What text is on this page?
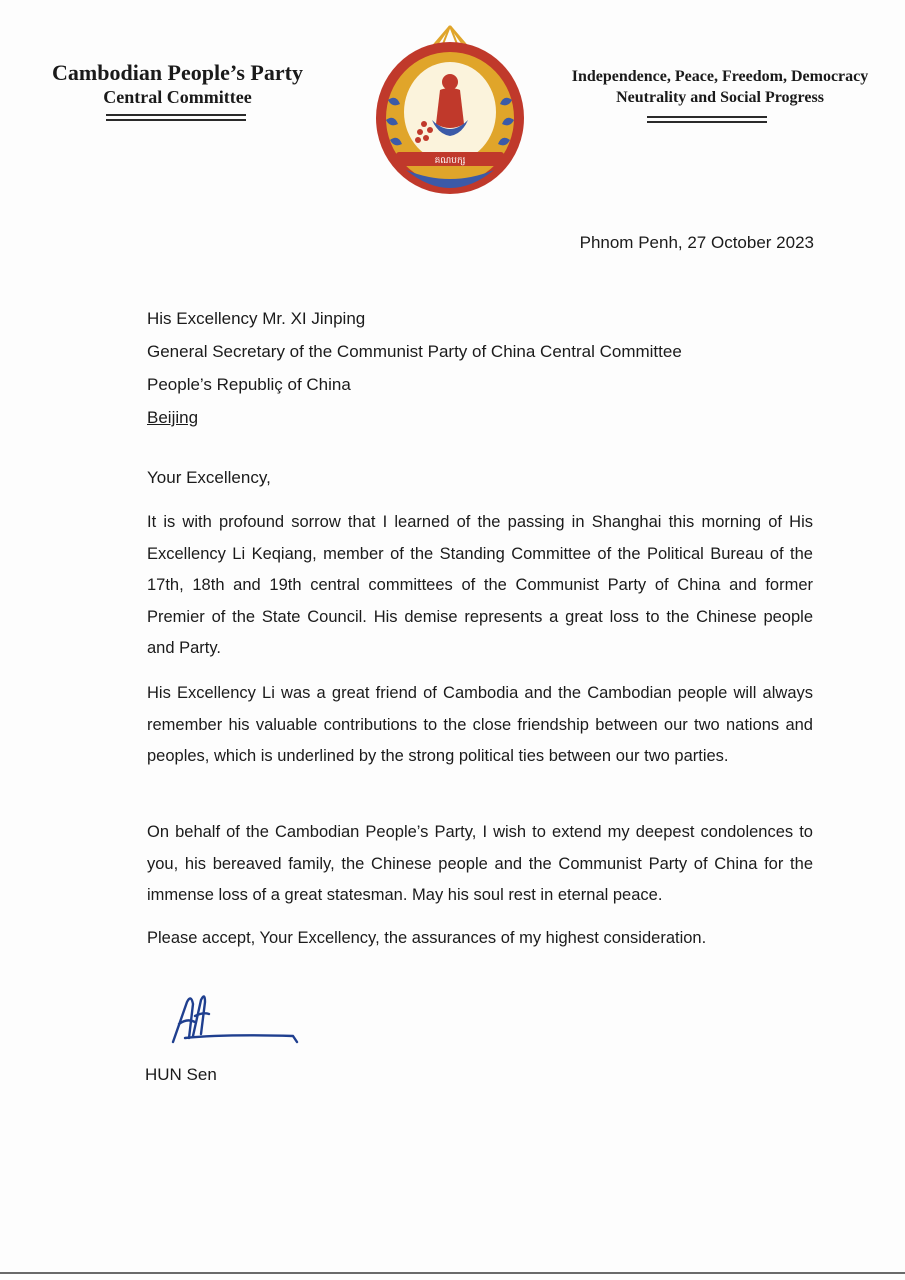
Cambodian People’s Party
Central Committee
គណបក្ស
Independence, Peace, Freedom, Democracy
Neutrality and Social Progress
Phnom Penh, 27 October 2023
His Excellency Mr. XI Jinping
General Secretary of the Communist Party of China Central Committee
People’s Republiç of China
Beijing
Your Excellency,

It is with profound sorrow that I learned of the passing in Shanghai this morning of His Excellency Li Keqiang, member of the Standing Committee of the Political Bureau of the 17th, 18th and 19th central committees of the Communist Party of China and former Premier of the State Council. His demise represents a great loss to the Chinese people and Party.

His Excellency Li was a great friend of Cambodia and the Cambodian people will always remember his valuable contributions to the close friendship between our two nations and peoples, which is underlined by the strong political ties between our two parties.

On behalf of the Cambodian People’s Party, I wish to extend my deepest condolences to you, his bereaved family, the Chinese people and the Communist Party of China for the immense loss of a great statesman. May his soul rest in eternal peace.

Please accept, Your Excellency, the assurances of my highest consideration.

HUN Sen
